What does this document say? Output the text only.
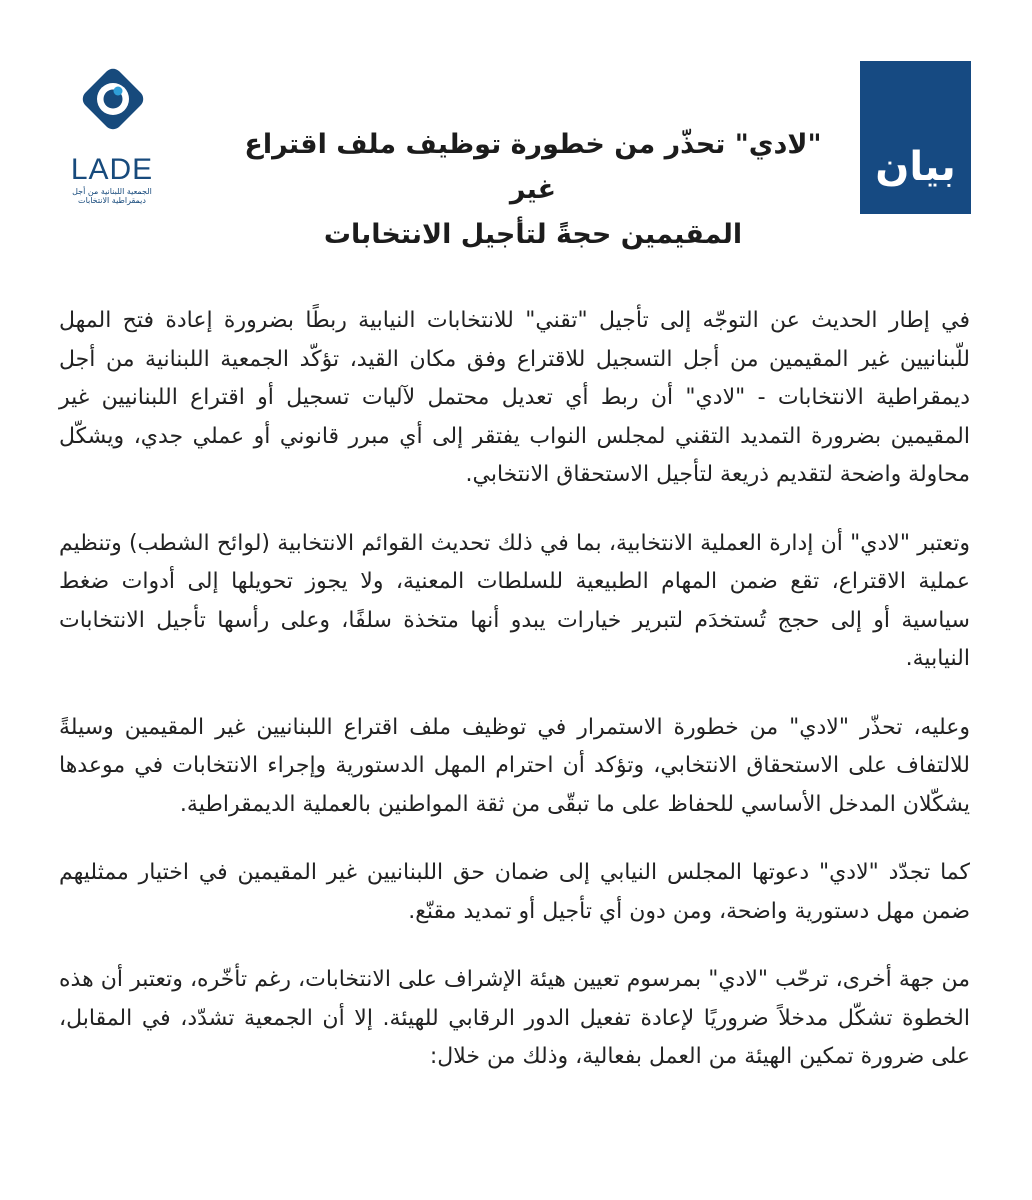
LADE
الجمعية اللبنانية من أجل
ديمقراطية الانتخابات
"لادي" تحذّر من خطورة توظيف ملف اقتراع غير
المقيمين حجةً لتأجيل الانتخابات
بيان

في إطار الحديث عن التوجّه إلى تأجيل "تقني" للانتخابات النيابية ربطًا بضرورة إعادة فتح المهل للّبنانيين غير المقيمين من أجل التسجيل للاقتراع وفق مكان القيد، تؤكّد الجمعية اللبنانية من أجل ديمقراطية الانتخابات - "لادي" أن ربط أي تعديل محتمل لآليات تسجيل أو اقتراع اللبنانيين غير المقيمين بضرورة التمديد التقني لمجلس النواب يفتقر إلى أي مبرر قانوني أو عملي جدي، ويشكّل محاولة واضحة لتقديم ذريعة لتأجيل الاستحقاق الانتخابي.

وتعتبر "لادي" أن إدارة العملية الانتخابية، بما في ذلك تحديث القوائم الانتخابية (لوائح الشطب) وتنظيم عملية الاقتراع، تقع ضمن المهام الطبيعية للسلطات المعنية، ولا يجوز تحويلها إلى أدوات ضغط سياسية أو إلى حجج تُستخدَم لتبرير خيارات يبدو أنها متخذة سلفًا، وعلى رأسها تأجيل الانتخابات النيابية.

وعليه، تحذّر "لادي" من خطورة الاستمرار في توظيف ملف اقتراع اللبنانيين غير المقيمين وسيلةً للالتفاف على الاستحقاق الانتخابي، وتؤكد أن احترام المهل الدستورية وإجراء الانتخابات في موعدها يشكّلان المدخل الأساسي للحفاظ على ما تبقّى من ثقة المواطنين بالعملية الديمقراطية.

كما تجدّد "لادي" دعوتها المجلس النيابي إلى ضمان حق اللبنانيين غير المقيمين في اختيار ممثليهم ضمن مهل دستورية واضحة، ومن دون أي تأجيل أو تمديد مقنّع.

من جهة أخرى، ترحّب "لادي" بمرسوم تعيين هيئة الإشراف على الانتخابات، رغم تأخّره، وتعتبر أن هذه الخطوة تشكّل مدخلاً ضروريًا لإعادة تفعيل الدور الرقابي للهيئة. إلا أن الجمعية تشدّد، في المقابل، على ضرورة تمكين الهيئة من العمل بفعالية، وذلك من خلال:
